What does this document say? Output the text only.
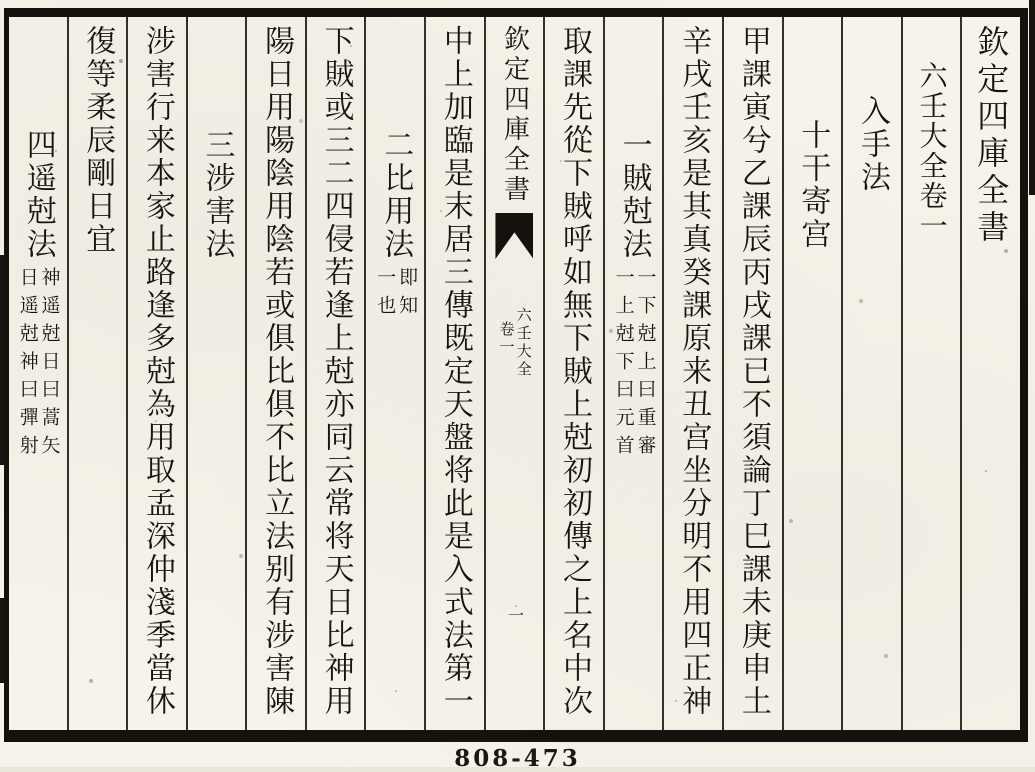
欽定四庫全書
六壬大全卷一
入手法
十干寄宫
甲課寅兮乙課辰丙戌課已不須論丁巳課未庚申土
辛戌壬亥是其真癸課原来丑宫坐分明不用四正神
一賊尅法
一下尅上曰重審
一上尅下曰元首
取課先從下賊呼如無下賊上尅初初傳之上名中次
欽定四庫全書
六壬大全
卷一
一
中上加臨是末居三傳既定天盤将此是入式法第一
二比用法
即知
一也
下賊或三二四侵若逢上尅亦同云常将天日比神用
陽日用陽陰用陰若或俱比俱不比立法别有涉害陳
三涉害法
涉害行来本家止路逢多尅為用取孟深仲淺季當休
復等柔辰剛日宜
四遥尅法
神遥尅日曰蒿矢
日遥尅神曰彈射
808-473
